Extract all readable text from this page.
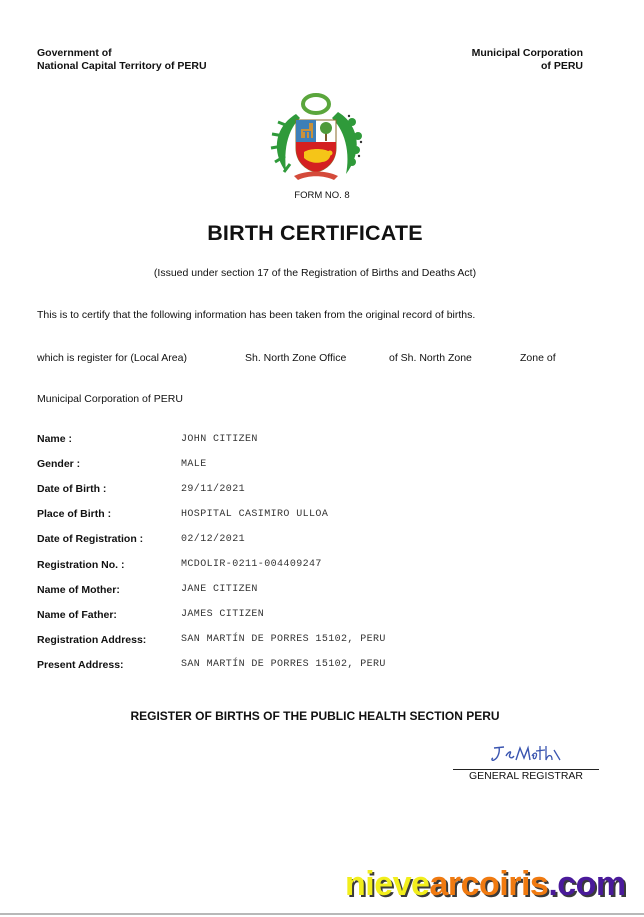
Government of
National Capital Territory of PERU
Municipal Corporation
of PERU
FORM NO. 8
BIRTH CERTIFICATE
(Issued under section 17 of the Registration of Births and Deaths Act)
This is to certify that the following information has been taken from the original record of births.
which is register for (Local Area)	Sh. North Zone Office	of Sh. North Zone	Zone of
Municipal Corporation of PERU
Name :	JOHN CITIZEN
Gender :	MALE
Date of Birth :	29/11/2021
Place of Birth :	HOSPITAL CASIMIRO ULLOA
Date of Registration :	02/12/2021
Registration No. :	MCDOLIR-0211-004409247
Name of Mother:	JANE CITIZEN
Name of Father:	JAMES CITIZEN
Registration Address:	SAN MARTÍN DE PORRES 15102, PERU
Present Address:	SAN MARTÍN DE PORRES 15102, PERU
REGISTER OF BIRTHS OF THE PUBLIC HEALTH SECTION PERU
GENERAL REGISTRAR
nievearcoiris.com
